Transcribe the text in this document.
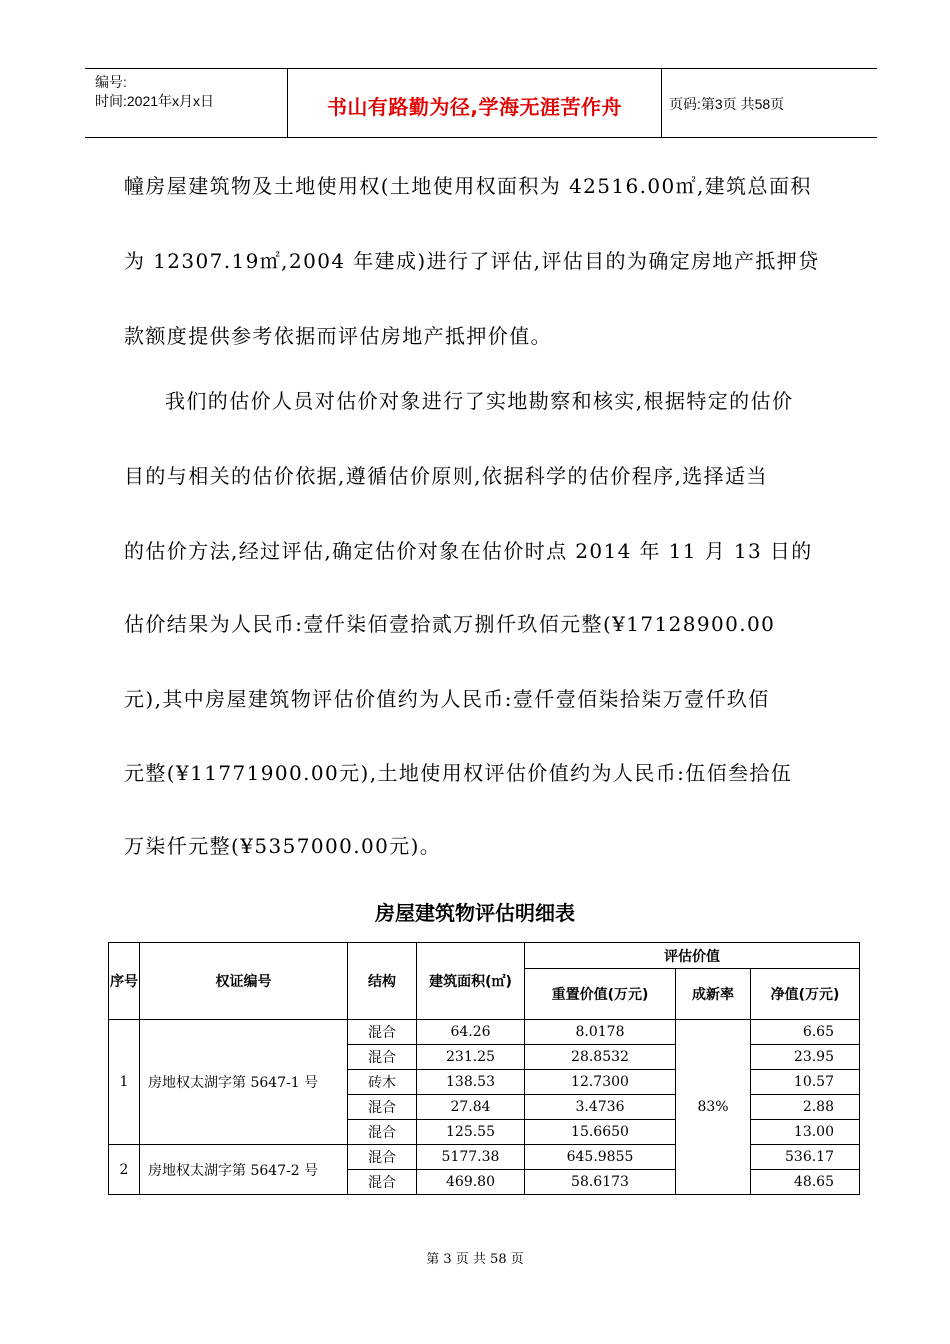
编号:
时间:2021年x月x日	书山有路勤为径,学海无涯苦作舟	页码:第3页 共58页
幢房屋建筑物及土地使用权(土地使用权面积为 42516.00㎡,建筑总面积
为 12307.19㎡,2004 年建成)进行了评估,评估目的为确定房地产抵押贷
款额度提供参考依据而评估房地产抵押价值。
我们的估价人员对估价对象进行了实地勘察和核实,根据特定的估价
目的与相关的估价依据,遵循估价原则,依据科学的估价程序,选择适当
的估价方法,经过评估,确定估价对象在估价时点 2014 年 11 月 13 日的
估价结果为人民币:壹仟柒佰壹拾贰万捌仟玖佰元整(¥17128900.00
元),其中房屋建筑物评估价值约为人民币:壹仟壹佰柒拾柒万壹仟玖佰
元整(¥11771900.00元),土地使用权评估价值约为人民币:伍佰叁拾伍
万柒仟元整(¥5357000.00元)。
房屋建筑物评估明细表
序号	权证编号	结构	建筑面积(㎡)	评估价值		
				重置价值(万元)	成新率	净值(万元)
1	房地权太湖字第 5647-1 号	混合	64.26	8.0178	83%	6.65
		混合	231.25	28.8532		23.95
		砖木	138.53	12.7300		10.57
		混合	27.84	3.4736		2.88
		混合	125.55	15.6650		13.00
2	房地权太湖字第 5647-2 号	混合	5177.38	645.9855		536.17
		混合	469.80	58.6173		48.65
第 3 页 共 58 页
